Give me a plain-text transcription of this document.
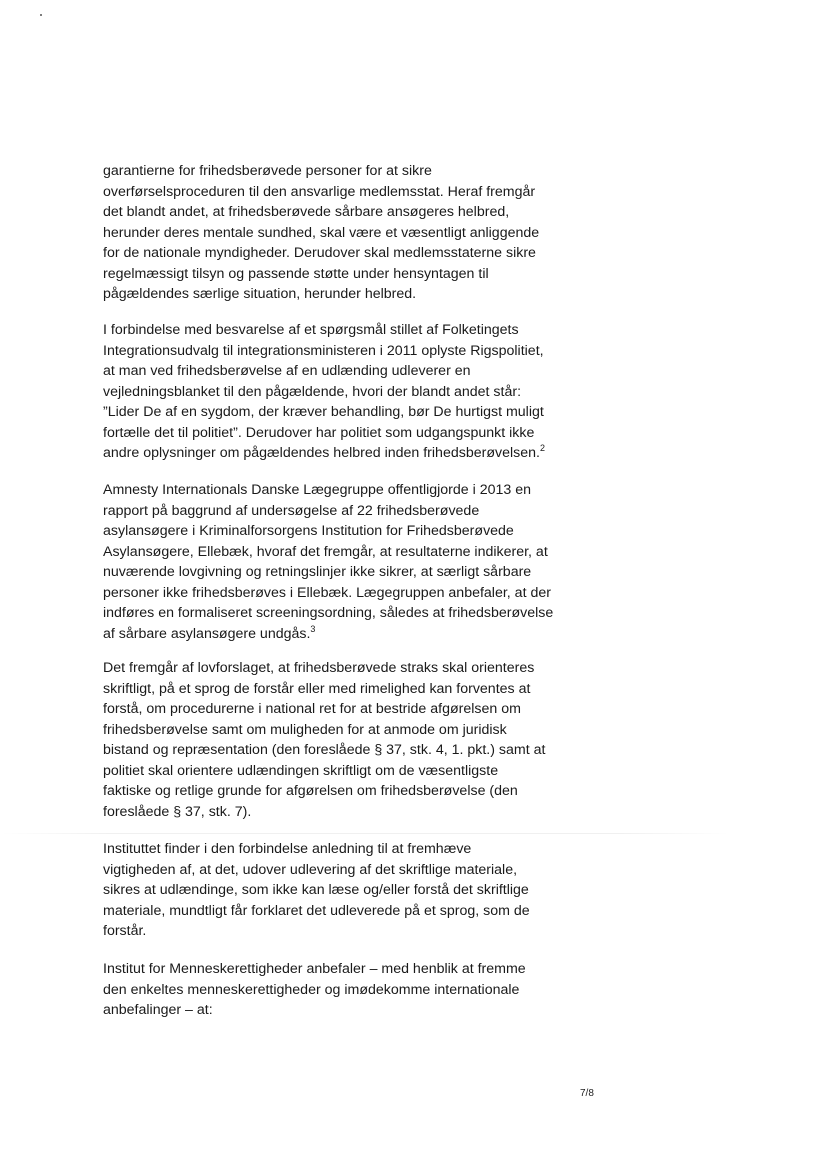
garantierne for frihedsberøvede personer for at sikre
overførselsproceduren til den ansvarlige medlemsstat. Heraf fremgår
det blandt andet, at frihedsberøvede sårbare ansøgeres helbred,
herunder deres mentale sundhed, skal være et væsentligt anliggende
for de nationale myndigheder. Derudover skal medlemsstaterne sikre
regelmæssigt tilsyn og passende støtte under hensyntagen til
pågældendes særlige situation, herunder helbred.

I forbindelse med besvarelse af et spørgsmål stillet af Folketingets
Integrationsudvalg til integrationsministeren i 2011 oplyste Rigspolitiet,
at man ved frihedsberøvelse af en udlænding udleverer en
vejledningsblanket til den pågældende, hvori der blandt andet står:
”Lider De af en sygdom, der kræver behandling, bør De hurtigst muligt
fortælle det til politiet”. Derudover har politiet som udgangspunkt ikke
andre oplysninger om pågældendes helbred inden frihedsberøvelsen.$^2$

Amnesty Internationals Danske Lægegruppe offentligjorde i 2013 en
rapport på baggrund af undersøgelse af 22 frihedsberøvede
asylansøgere i Kriminalforsorgens Institution for Frihedsberøvede
Asylansøgere, Ellebæk, hvoraf det fremgår, at resultaterne indikerer, at
nuværende lovgivning og retningslinjer ikke sikrer, at særligt sårbare
personer ikke frihedsberøves i Ellebæk. Lægegruppen anbefaler, at der
indføres en formaliseret screeningsordning, således at frihedsberøvelse
af sårbare asylansøgere undgås.$^3$

Det fremgår af lovforslaget, at frihedsberøvede straks skal orienteres
skriftligt, på et sprog de forstår eller med rimelighed kan forventes at
forstå, om procedurerne i national ret for at bestride afgørelsen om
frihedsberøvelse samt om muligheden for at anmode om juridisk
bistand og repræsentation (den foreslåede § 37, stk. 4, 1. pkt.) samt at
politiet skal orientere udlændingen skriftligt om de væsentligste
faktiske og retlige grunde for afgørelsen om frihedsberøvelse (den
foreslåede § 37, stk. 7).

Instituttet finder i den forbindelse anledning til at fremhæve
vigtigheden af, at det, udover udlevering af det skriftlige materiale,
sikres at udlændinge, som ikke kan læse og/eller forstå det skriftlige
materiale, mundtligt får forklaret det udleverede på et sprog, som de
forstår.

Institut for Menneskerettigheder anbefaler – med henblik at fremme
den enkeltes menneskerettigheder og imødekomme internationale
anbefalinger – at:

7/8
